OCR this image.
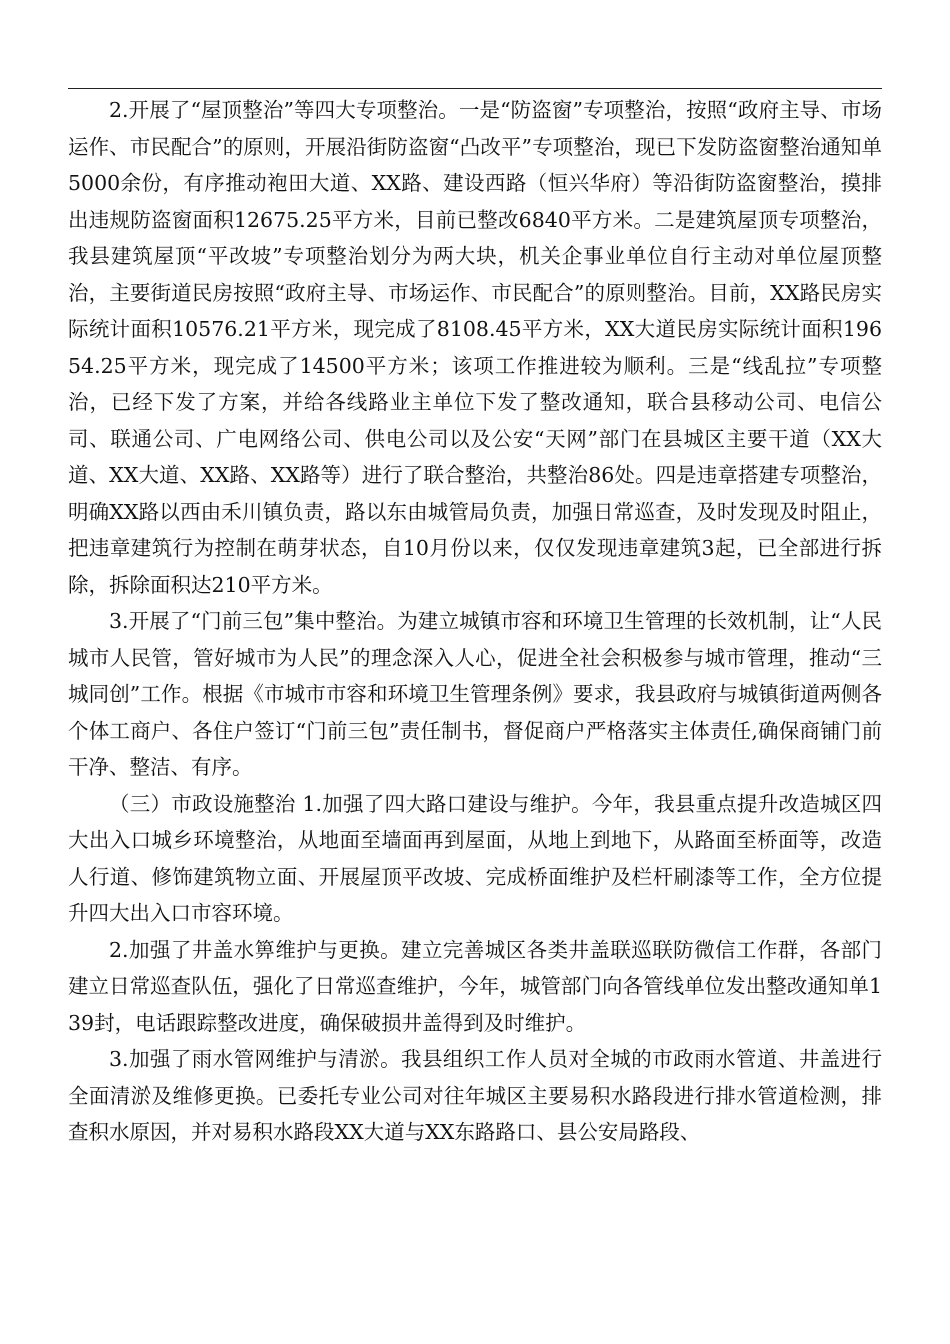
2.开展了“屋顶整治”等四大专项整治。一是“防盗窗”专项整治，按照“政府主导、市场运作、市民配合”的原则，开展沿街防盗窗“凸改平”专项整治，现已下发防盗窗整治通知单5000余份，有序推动袍田大道、XX路、建设西路（恒兴华府）等沿街防盗窗整治，摸排出违规防盗窗面积12675.25平方米，目前已整改6840平方米。二是建筑屋顶专项整治，我县建筑屋顶“平改坡”专项整治划分为两大块，机关企事业单位自行主动对单位屋顶整治，主要街道民房按照“政府主导、市场运作、市民配合”的原则整治。目前，XX路民房实际统计面积10576.21平方米，现完成了8108.45平方米，XX大道民房实际统计面积19654.25平方米，现完成了14500平方米；该项工作推进较为顺利。三是“线乱拉”专项整治，已经下发了方案，并给各线路业主单位下发了整改通知，联合县移动公司、电信公司、联通公司、广电网络公司、供电公司以及公安“天网”部门在县城区主要干道（XX大道、XX大道、XX路、XX路等）进行了联合整治，共整治86处。四是违章搭建专项整治，明确XX路以西由禾川镇负责，路以东由城管局负责，加强日常巡查，及时发现及时阻止，把违章建筑行为控制在萌芽状态，自10月份以来，仅仅发现违章建筑3起，已全部进行拆除，拆除面积达210平方米。

3.开展了“门前三包”集中整治。为建立城镇市容和环境卫生管理的长效机制，让“人民城市人民管，管好城市为人民”的理念深入人心，促进全社会积极参与城市管理，推动“三城同创”工作。根据《市城市市容和环境卫生管理条例》要求，我县政府与城镇街道两侧各个体工商户、各住户签订“门前三包”责任制书，督促商户严格落实主体责任,确保商铺门前干净、整洁、有序。

（三）市政设施整治 1.加强了四大路口建设与维护。今年，我县重点提升改造城区四大出入口城乡环境整治，从地面至墙面再到屋面，从地上到地下，从路面至桥面等，改造人行道、修饰建筑物立面、开展屋顶平改坡、完成桥面维护及栏杆刷漆等工作，全方位提升四大出入口市容环境。

2.加强了井盖水箅维护与更换。建立完善城区各类井盖联巡联防微信工作群，各部门建立日常巡查队伍，强化了日常巡查维护，今年，城管部门向各管线单位发出整改通知单139封，电话跟踪整改进度，确保破损井盖得到及时维护。

3.加强了雨水管网维护与清淤。我县组织工作人员对全城的市政雨水管道、井盖进行全面清淤及维修更换。已委托专业公司对往年城区主要易积水路段进行排水管道检测，排查积水原因，并对易积水路段XX大道与XX东路路口、县公安局路段、
